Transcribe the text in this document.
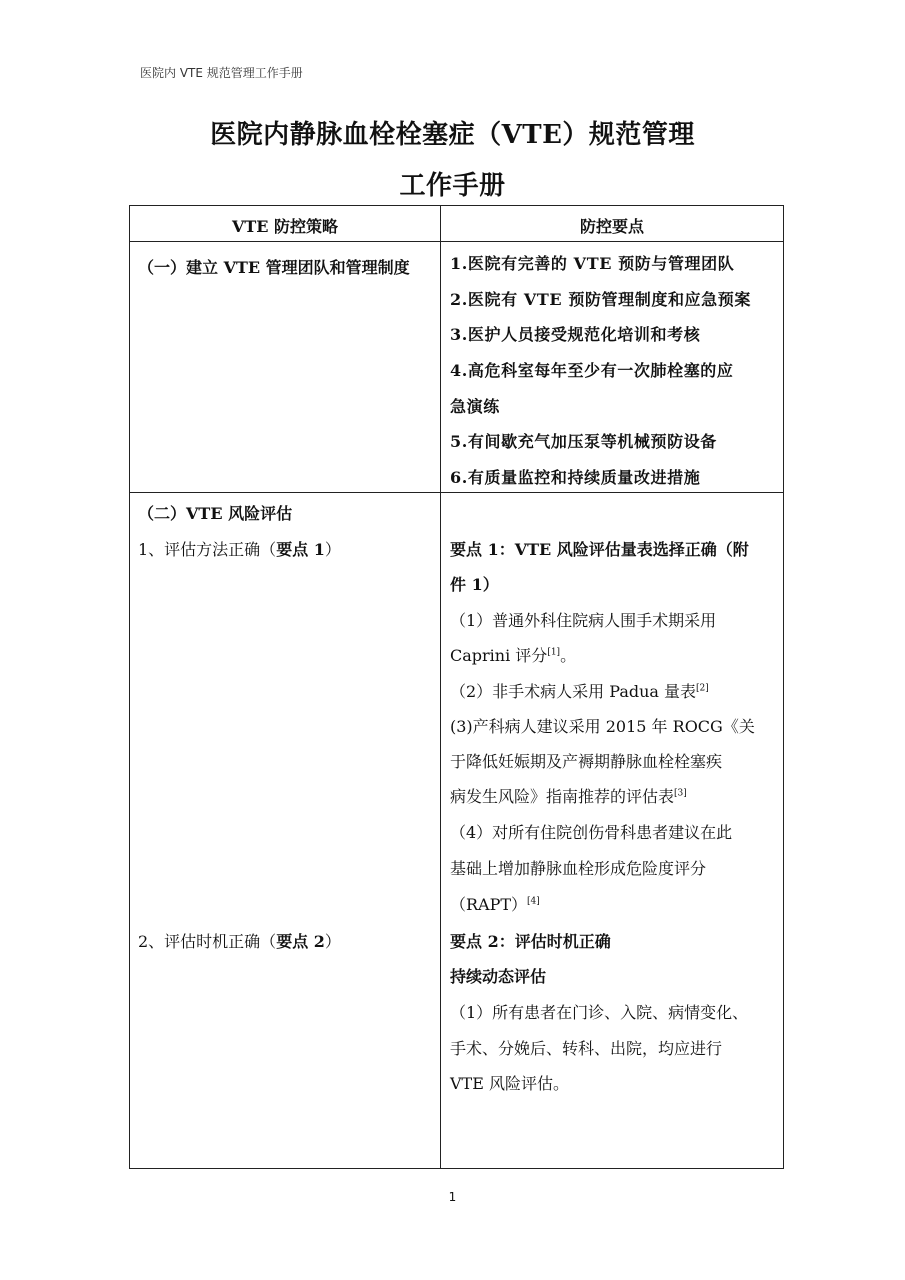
医院内 VTE 规范管理工作手册
医院内静脉血栓栓塞症（VTE）规范管理
工作手册
VTE 防控策略	防控要点
（一）建立 VTE 管理团队和管理制度	1.医院有完善的 VTE 预防与管理团队
2.医院有 VTE 预防管理制度和应急预案
3.医护人员接受规范化培训和考核
4.高危科室每年至少有一次肺栓塞的应
急演练
5.有间歇充气加压泵等机械预防设备
6.有质量监控和持续质量改进措施
（二）VTE 风险评估
1、评估方法正确（要点 1）
2、评估时机正确（要点 2）
要点 1：VTE 风险评估量表选择正确（附
件 1）
（1）普通外科住院病人围手术期采用
Caprini 评分[1]。
（2）非手术病人采用 Padua 量表[2]
(3)产科病人建议采用 2015 年 ROCG《关
于降低妊娠期及产褥期静脉血栓栓塞疾
病发生风险》指南推荐的评估表[3]
（4）对所有住院创伤骨科患者建议在此
基础上增加静脉血栓形成危险度评分
（RAPT）[4]
要点 2：评估时机正确
持续动态评估
（1）所有患者在门诊、入院、病情变化、
手术、分娩后、转科、出院，均应进行
VTE 风险评估。
1
